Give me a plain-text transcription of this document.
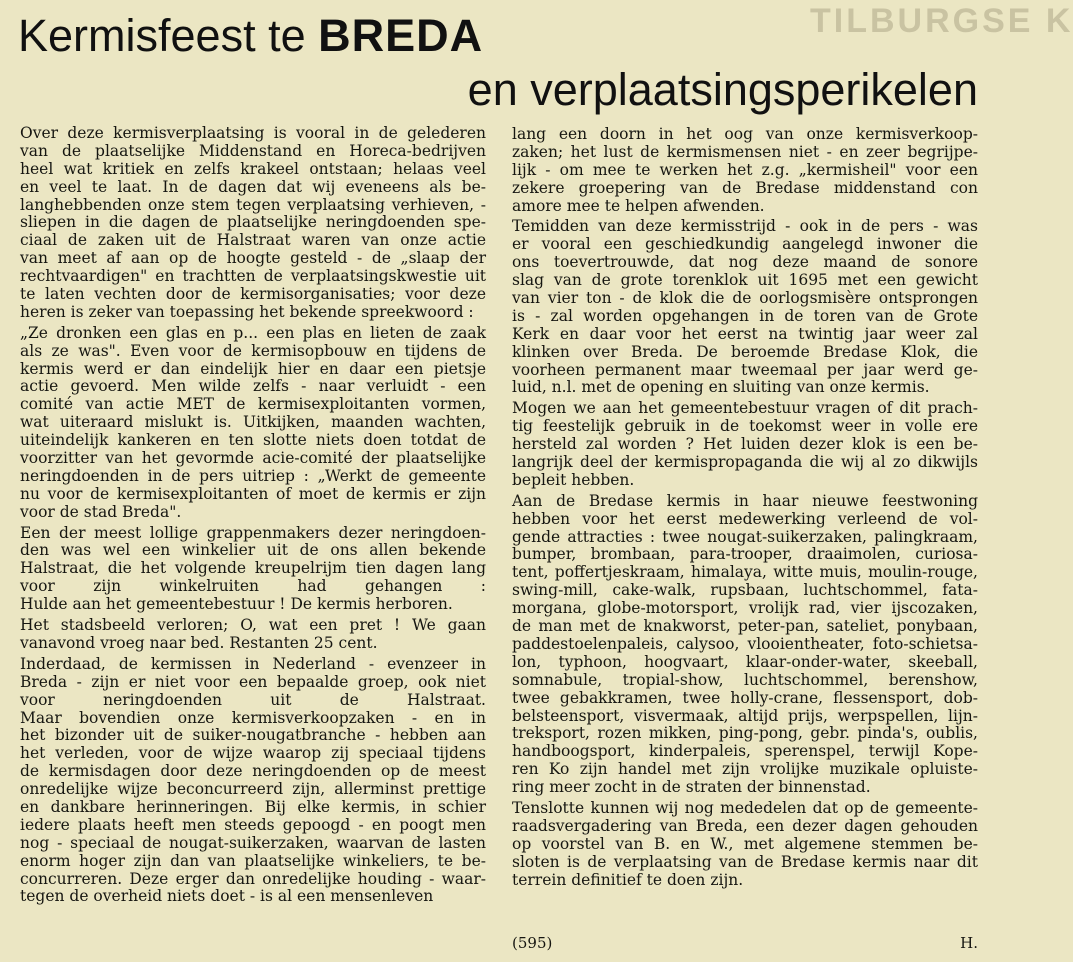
TILBURGSE K
Kermisfeest te BREDA
en verplaatsingsperikelen
Over deze kermisverplaatsing is vooral in de gelederen
van de plaatselijke Middenstand en Horeca-bedrijven
heel wat kritiek en zelfs krakeel ontstaan; helaas veel
en veel te laat. In de dagen dat wij eveneens als be-
langhebbenden onze stem tegen verplaatsing verhieven, -
sliepen in die dagen de plaatselijke neringdoenden spe-
ciaal de zaken uit de Halstraat waren van onze actie
van meet af aan op de hoogte gesteld - de „slaap der
rechtvaardigen" en trachtten de verplaatsingskwestie uit
te laten vechten door de kermisorganisaties; voor deze
heren is zeker van toepassing het bekende spreekwoord :
„Ze dronken een glas en p... een plas en lieten de zaak
als ze was". Even voor de kermisopbouw en tijdens de
kermis werd er dan eindelijk hier en daar een pietsje
actie gevoerd. Men wilde zelfs - naar verluidt - een
comité van actie MET de kermisexploitanten vormen,
wat uiteraard mislukt is. Uitkijken, maanden wachten,
uiteindelijk kankeren en ten slotte niets doen totdat de
voorzitter van het gevormde acie-comité der plaatselijke
neringdoenden in de pers uitriep : „Werkt de gemeente
nu voor de kermisexploitanten of moet de kermis er zijn
voor de stad Breda".
Een der meest lollige grappenmakers dezer neringdoen-
den was wel een winkelier uit de ons allen bekende
Halstraat, die het volgende kreupelrijm tien dagen lang
voor zijn winkelruiten had gehangen :
Hulde aan het gemeentebestuur ! De kermis herboren.
Het stadsbeeld verloren; O, wat een pret ! We gaan
vanavond vroeg naar bed. Restanten 25 cent.
Inderdaad, de kermissen in Nederland - evenzeer in
Breda - zijn er niet voor een bepaalde groep, ook niet
voor neringdoenden uit de Halstraat.
Maar bovendien onze kermisverkoopzaken - en in
het bizonder uit de suiker-nougatbranche - hebben aan
het verleden, voor de wijze waarop zij speciaal tijdens
de kermisdagen door deze neringdoenden op de meest
onredelijke wijze beconcurreerd zijn, allerminst prettige
en dankbare herinneringen. Bij elke kermis, in schier
iedere plaats heeft men steeds gepoogd - en poogt men
nog - speciaal de nougat-suikerzaken, waarvan de lasten
enorm hoger zijn dan van plaatselijke winkeliers, te be-
concurreren. Deze erger dan onredelijke houding - waar-
tegen de overheid niets doet - is al een mensenleven
lang een doorn in het oog van onze kermisverkoop-
zaken; het lust de kermismensen niet - en zeer begrijpe-
lijk - om mee te werken het z.g. „kermisheil" voor een
zekere groepering van de Bredase middenstand con
amore mee te helpen afwenden.
Temidden van deze kermisstrijd - ook in de pers - was
er vooral een geschiedkundig aangelegd inwoner die
ons toevertrouwde, dat nog deze maand de sonore
slag van de grote torenklok uit 1695 met een gewicht
van vier ton - de klok die de oorlogsmisère ontsprongen
is - zal worden opgehangen in de toren van de Grote
Kerk en daar voor het eerst na twintig jaar weer zal
klinken over Breda. De beroemde Bredase Klok, die
voorheen permanent maar tweemaal per jaar werd ge-
luid, n.l. met de opening en sluiting van onze kermis.
Mogen we aan het gemeentebestuur vragen of dit prach-
tig feestelijk gebruik in de toekomst weer in volle ere
hersteld zal worden ? Het luiden dezer klok is een be-
langrijk deel der kermispropaganda die wij al zo dikwijls
bepleit hebben.
Aan de Bredase kermis in haar nieuwe feestwoning
hebben voor het eerst medewerking verleend de vol-
gende attracties : twee nougat-suikerzaken, palingkraam,
bumper, brombaan, para-trooper, draaimolen, curiosa-
tent, poffertjeskraam, himalaya, witte muis, moulin-rouge,
swing-mill, cake-walk, rupsbaan, luchtschommel, fata-
morgana, globe-motorsport, vrolijk rad, vier ijscozaken,
de man met de knakworst, peter-pan, sateliet, ponybaan,
paddestoelenpaleis, calysoo, vlooientheater, foto-schietsa-
lon, typhoon, hoogvaart, klaar-onder-water, skeeball,
somnabule, tropial-show, luchtschommel, berenshow,
twee gebakkramen, twee holly-crane, flessensport, dob-
belsteensport, visvermaak, altijd prijs, werpspellen, lijn-
treksport, rozen mikken, ping-pong, gebr. pinda's, oublis,
handboogsport, kinderpaleis, sperenspel, terwijl Kope-
ren Ko zijn handel met zijn vrolijke muzikale opluiste-
ring meer zocht in de straten der binnenstad.
Tenslotte kunnen wij nog mededelen dat op de gemeente-
raadsvergadering van Breda, een dezer dagen gehouden
op voorstel van B. en W., met algemene stemmen be-
sloten is de verplaatsing van de Bredase kermis naar dit
terrein definitief te doen zijn.
(595)	H.
